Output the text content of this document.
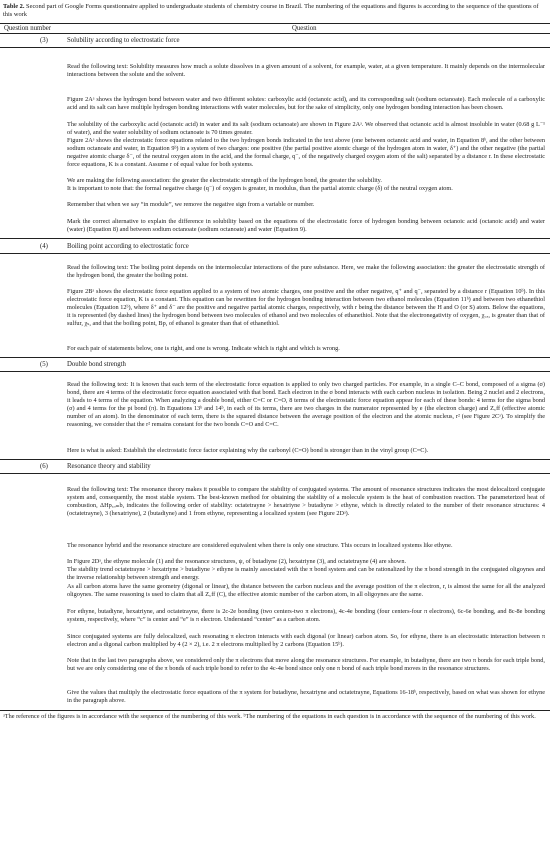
Table 2. Second part of Google Forms questionnaire applied to undergraduate students of chemistry course in Brazil. The numbering of the equations and figures is according to the sequence of the questions of this work
Question number	Question
(3)	Solubility according to electrostatic force
Read the following text: Solubility measures how much a solute dissolves in a given amount of a solvent, for example, water, at a given temperature. It mainly depends on the intermolecular interactions between the solute and the solvent.
Figure 2Aᵃ shows the hydrogen bond between water and two different solutes: carboxylic acid (octanoic acid), and its corresponding salt (sodium octanoate). Each molecule of a carboxylic acid and its salt can have multiple hydrogen bonding interactions with water molecules, but for the sake of simplicity, only one hydrogen bonding interaction has been chosen.
The solubility of the carboxylic acid (octanoic acid) in water and its salt (sodium octanoate) are shown in Figure 2Aᵃ. We observed that octanoic acid is almost insoluble in water (0.68 g L⁻¹ of water), and the water solubility of sodium octanoate is 70 times greater.
Figure 2Aᵃ shows the electrostatic force equations related to the two hydrogen bonds indicated in the text above (one between octanoic acid and water, in Equation 8ᵇ, and the other between sodium octanoate and water, in Equation 9ᵇ) in a system of two charges: one positive (the partial positive atomic charge of the hydrogen atom in water, δ⁺) and the other negative (the partial negative atomic charge δ⁻, of the neutral oxygen atom in the acid, and the formal charge, q⁻, of the negatively charged oxygen atom of the salt) separated by a distance r. In these electrostatic force equations, K is a constant. Assume r of equal value for both systems.
We are making the following association: the greater the electrostatic strength of the hydrogen bond, the greater the solubility.
It is important to note that: the formal negative charge (q⁻) of oxygen is greater, in modulus, than the partial atomic charge (δ) of the neutral oxygen atom.
Remember that when we say “in module”, we remove the negative sign from a variable or number.
Mark the correct alternative to explain the difference in solubility based on the equations of the electrostatic force of hydrogen bonding between octanoic acid (octanoic acid) and water (water) (Equation 8) and between sodium octanoate (sodium octanoate) and water (Equation 9).
(4)	Boiling point according to electrostatic force
Read the following text: The boiling point depends on the intermolecular interactions of the pure substance. Here, we make the following association: the greater the electrostatic strength of the hydrogen bond, the greater the boiling point.
Figure 2Bᵃ shows the electrostatic force equation applied to a system of two atomic charges, one positive and the other negative, q⁺ and q⁻, separated by a distance r (Equation 10ᵇ). In this electrostatic force equation, K is a constant. This equation can be rewritten for the hydrogen bonding interaction between two ethanol molecules (Equation 11ᵇ) and between two ethanethiol molecules (Equation 12ᵇ), where δ⁺ and δ⁻ are the positive and negative partial atomic charges, respectively, with r being the distance between the H and O (or S) atom. Below the equations, it is represented (by dashed lines) the hydrogen bond between two molecules of ethanol and two molecules of ethanethiol. Note that the electronegativity of oxygen, χ꜀ₓ, is greater than that of sulfur, χₛ, and that the boiling point, Bp, of ethanol is greater than that of ethanethiol.
For each pair of statements below, one is right, and one is wrong. Indicate which is right and which is wrong.
(5)	Double bond strength
Read the following text: It is known that each term of the electrostatic force equation is applied to only two charged particles. For example, in a single C–C bond, composed of a sigma (σ) bond, there are 4 terms of the electrostatic force equation associated with that bond. Each electron in the σ bond interacts with each carbon nucleus in isolation. Being 2 nuclei and 2 electrons, it leads to 4 terms of the equation. When analyzing a double bond, either C=C or C=O, 8 terms of the electrostatic force equation appear for each of these bonds: 4 terms for the sigma bond (σ) and 4 terms for the pi bond (π). In Equations 13ᵇ and 14ᵇ, in each of its terms, there are two charges in the numerator represented by e (the electron charge) and Z꜀ff (effective atomic number of an atom). In the denominator of each term, there is the squared distance between the average position of the electron and the atomic nucleus, r² (see Figure 2Cᵃ). To simplify the reasoning, we consider that the r² remains constant for the two bonds C=O and C=C.
Here is what is asked: Establish the electrostatic force factor explaining why the carbonyl (C=O) bond is stronger than in the vinyl group (C=C).
(6)	Resonance theory and stability
Read the following text: The resonance theory makes it possible to compare the stability of conjugated systems. The amount of resonance structures indicates the most delocalized conjugate system and, consequently, the most stable system. The best-known method for obtaining the stability of a molecule system is the heat of combustion reaction. The parameterized heat of combustion, ΔHp꜀ₒₘb, indicates the following order of stability: octatetrayne > hexatriyne > butadiyne > ethyne, which is directly related to the number of their resonance structures: 4 (octatetrayne), 3 (hexatriyne), 2 (butadiyne) and 1 from ethyne, representing a localized system (see Figure 2Dᵃ).
The resonance hybrid and the resonance structure are considered equivalent when there is only one structure. This occurs in localized systems like ethyne.
In Figure 2Dᵃ, the ethyne molecule (1) and the resonance structures, ψ, of butadiyne (2), hexatriyne (3), and octatetrayne (4) are shown.
The stability trend octatetrayne > hexatriyne > butadiyne > ethyne is mainly associated with the π bond system and can be rationalized by the π bond strength in the conjugated oligoynes and the inverse relationship between strength and energy.
As all carbon atoms have the same geometry (digonal or linear), the distance between the carbon nucleus and the average position of the π electron, r, is almost the same for all the analyzed oligoynes. The same reasoning is used to claim that all Z꜀ff (C), the effective atomic number of the carbon atom, in all oligoynes are the same.
For ethyne, butadiyne, hexatriyne, and octatetrayne, there is 2c-2e bonding (two centers-two π electrons), 4c-4e bonding (four centers-four π electrons), 6c-6e bonding, and 8c-8e bonding system, respectively, where “c” is center and “e” is π electron. Understand “center” as a carbon atom.
Since conjugated systems are fully delocalized, each resonating π electron interacts with each digonal (or linear) carbon atom. So, for ethyne, there is an electrostatic interaction between π electron and a digonal carbon multiplied by 4 (2 × 2), i.e. 2 π electrons multiplied by 2 carbons (Equation 15ᵇ).
Note that in the last two paragraphs above, we considered only the π electrons that move along the resonance structures. For example, in butadiyne, there are two π bonds for each triple bond, but we are only considering one of the π bonds of each triple bond to refer to the 4c-4e bond since only one π bond of each triple bond moves in the resonance structures.
Give the values that multiply the electrostatic force equations of the π system for butadiyne, hexatriyne and octatetrayne, Equations 16-18ᵇ, respectively, based on what was shown for ethyne in the paragraph above.
ᵃThe reference of the figures is in accordance with the sequence of the numbering of this work. ᵇThe numbering of the equations in each question is in accordance with the sequence of the numbering of this work.
